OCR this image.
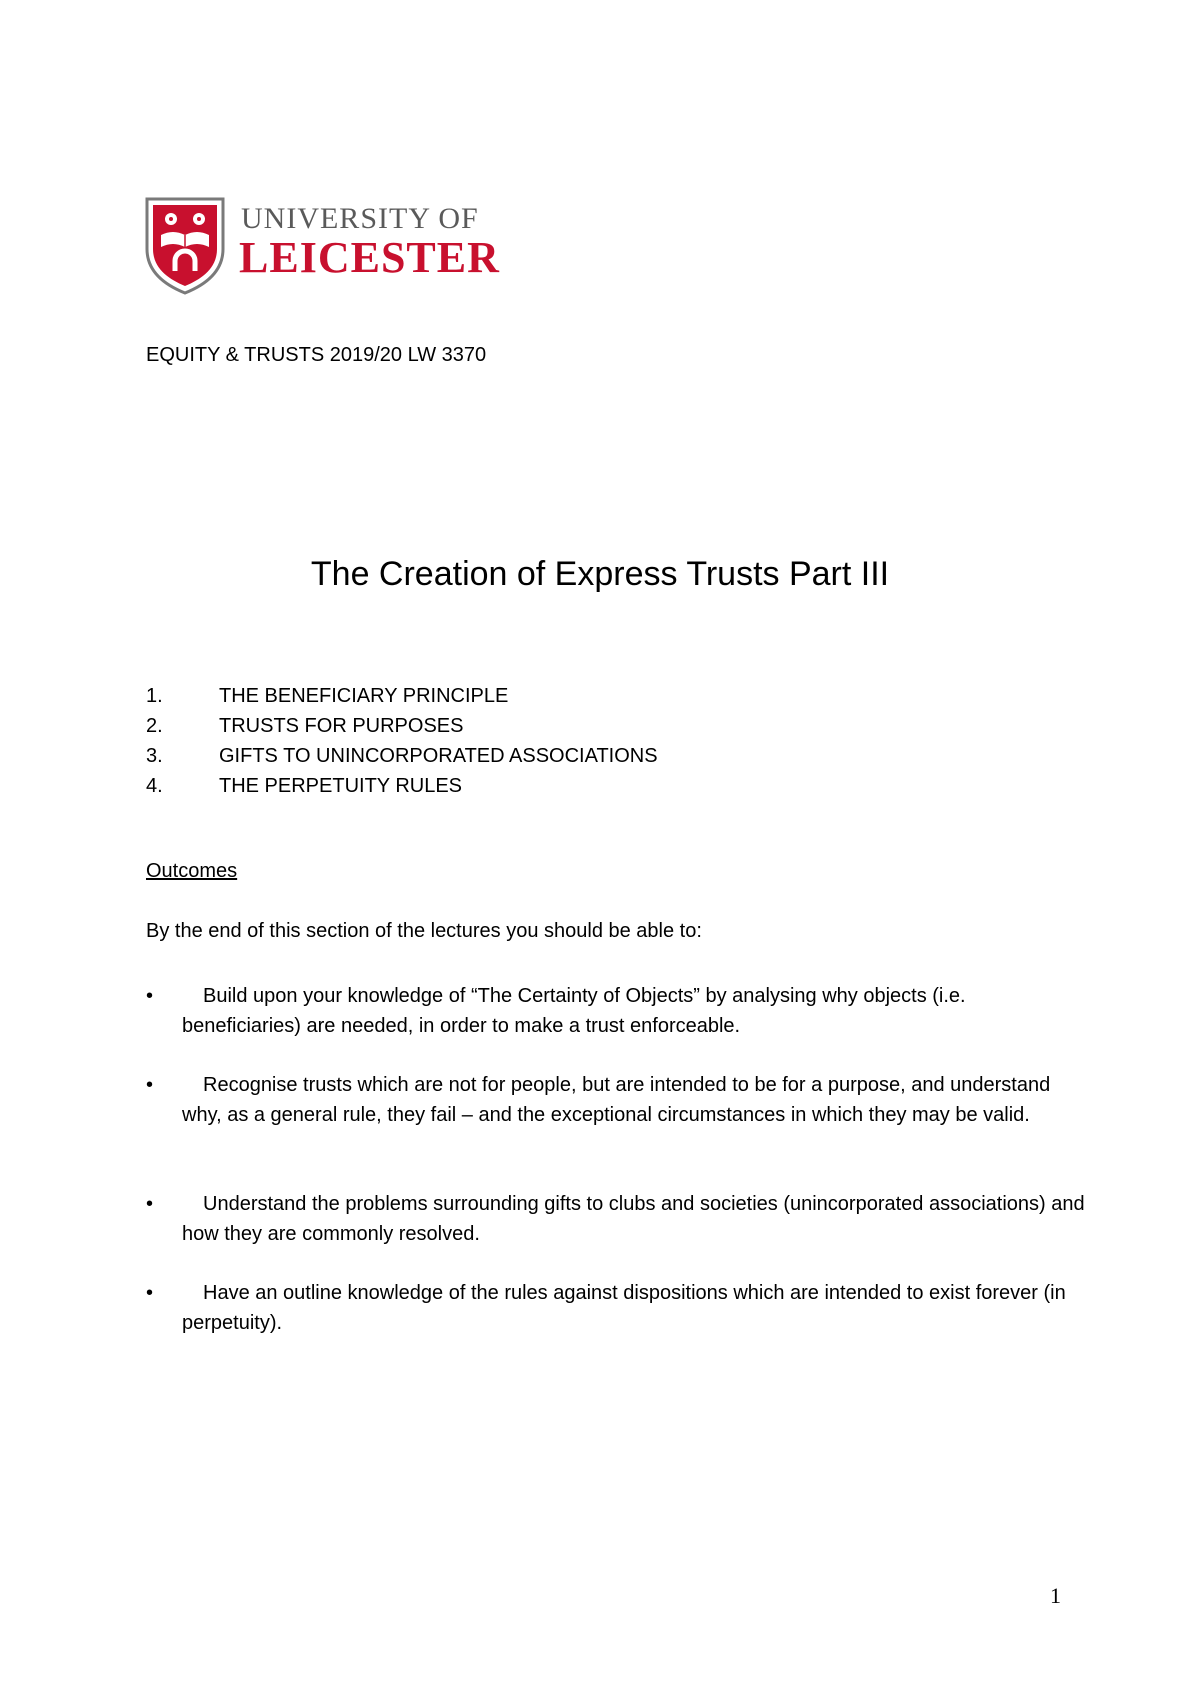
UNIVERSITY OF
LEICESTER
EQUITY & TRUSTS 2019/20 LW 3370
The Creation of Express Trusts Part III
1.	THE BENEFICIARY PRINCIPLE
2.	TRUSTS FOR PURPOSES
3.	GIFTS TO UNINCORPORATED ASSOCIATIONS
4.	THE PERPETUITY RULES
Outcomes
By the end of this section of the lectures you should be able to:
•	Build upon your knowledge of “The Certainty of Objects” by analysing why objects (i.e. beneficiaries) are needed, in order to make a trust enforceable.
•	Recognise trusts which are not for people, but are intended to be for a purpose, and understand why, as a general rule, they fail – and the exceptional circumstances in which they may be valid.
•	Understand the problems surrounding gifts to clubs and societies (unincorporated associations) and how they are commonly resolved.
•	Have an outline knowledge of the rules against dispositions which are intended to exist forever (in perpetuity).
1
